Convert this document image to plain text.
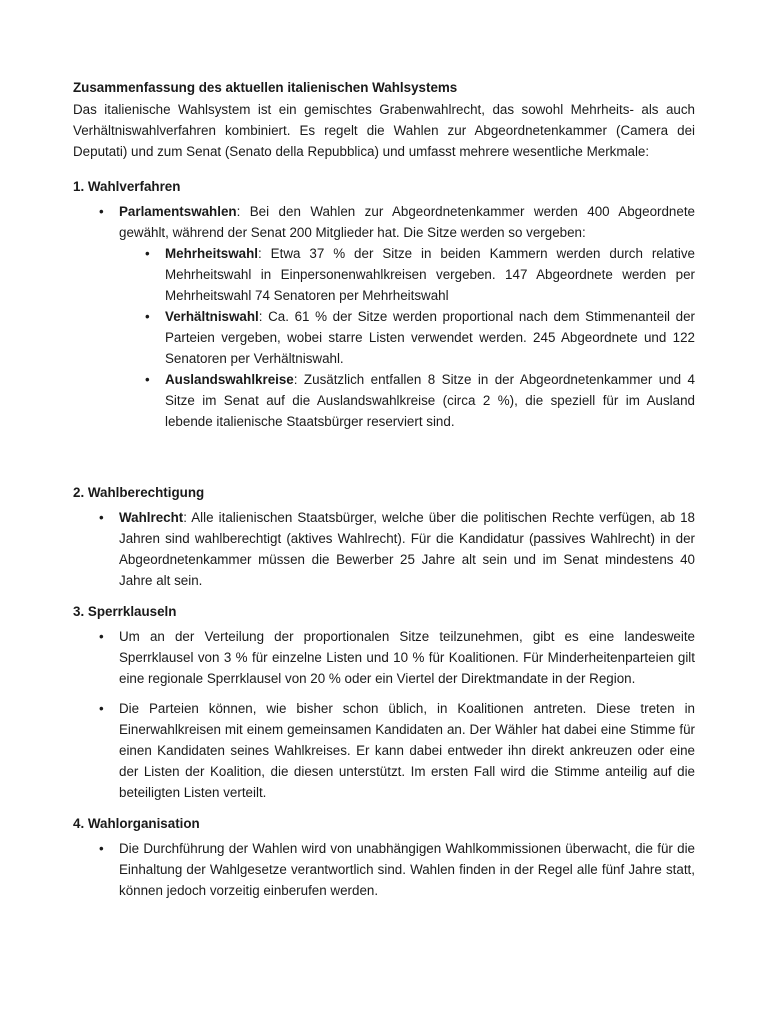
Zusammenfassung des aktuellen italienischen Wahlsystems

Das italienische Wahlsystem ist ein gemischtes Grabenwahlrecht, das sowohl Mehrheits- als auch Verhältniswahlverfahren kombiniert. Es regelt die Wahlen zur Abgeordnetenkammer (Camera dei Deputati) und zum Senat (Senato della Repubblica) und umfasst mehrere wesentliche Merkmale:

1. Wahlverfahren
• Parlamentswahlen: Bei den Wahlen zur Abgeordnetenkammer werden 400 Abgeordnete gewählt, während der Senat 200 Mitglieder hat. Die Sitze werden so vergeben:
• Mehrheitswahl: Etwa 37 % der Sitze in beiden Kammern werden durch relative Mehrheitswahl in Einpersonenwahlkreisen vergeben. 147 Abgeordnete werden per Mehrheitswahl 74 Senatoren per Mehrheitswahl
• Verhältniswahl: Ca. 61 % der Sitze werden proportional nach dem Stimmenanteil der Parteien vergeben, wobei starre Listen verwendet werden. 245 Abgeordnete und 122 Senatoren per Verhältniswahl.
• Auslandswahlkreise: Zusätzlich entfallen 8 Sitze in der Abgeordnetenkammer und 4 Sitze im Senat auf die Auslandswahlkreise (circa 2 %), die speziell für im Ausland lebende italienische Staatsbürger reserviert sind.
2. Wahlberechtigung
• Wahlrecht: Alle italienischen Staatsbürger, welche über die politischen Rechte verfügen, ab 18 Jahren sind wahlberechtigt (aktives Wahlrecht). Für die Kandidatur (passives Wahlrecht) in der Abgeordnetenkammer müssen die Bewerber 25 Jahre alt sein und im Senat mindestens 40 Jahre alt sein.
3. Sperrklauseln
• Um an der Verteilung der proportionalen Sitze teilzunehmen, gibt es eine landesweite Sperrklausel von 3 % für einzelne Listen und 10 % für Koalitionen. Für Minderheitenparteien gilt eine regionale Sperrklausel von 20 % oder ein Viertel der Direktmandate in der Region.
• Die Parteien können, wie bisher schon üblich, in Koalitionen antreten. Diese treten in Einerwahlkreisen mit einem gemeinsamen Kandidaten an. Der Wähler hat dabei eine Stimme für einen Kandidaten seines Wahlkreises. Er kann dabei entweder ihn direkt ankreuzen oder eine der Listen der Koalition, die diesen unterstützt. Im ersten Fall wird die Stimme anteilig auf die beteiligten Listen verteilt.
4. Wahlorganisation
• Die Durchführung der Wahlen wird von unabhängigen Wahlkommissionen überwacht, die für die Einhaltung der Wahlgesetze verantwortlich sind. Wahlen finden in der Regel alle fünf Jahre statt, können jedoch vorzeitig einberufen werden.
